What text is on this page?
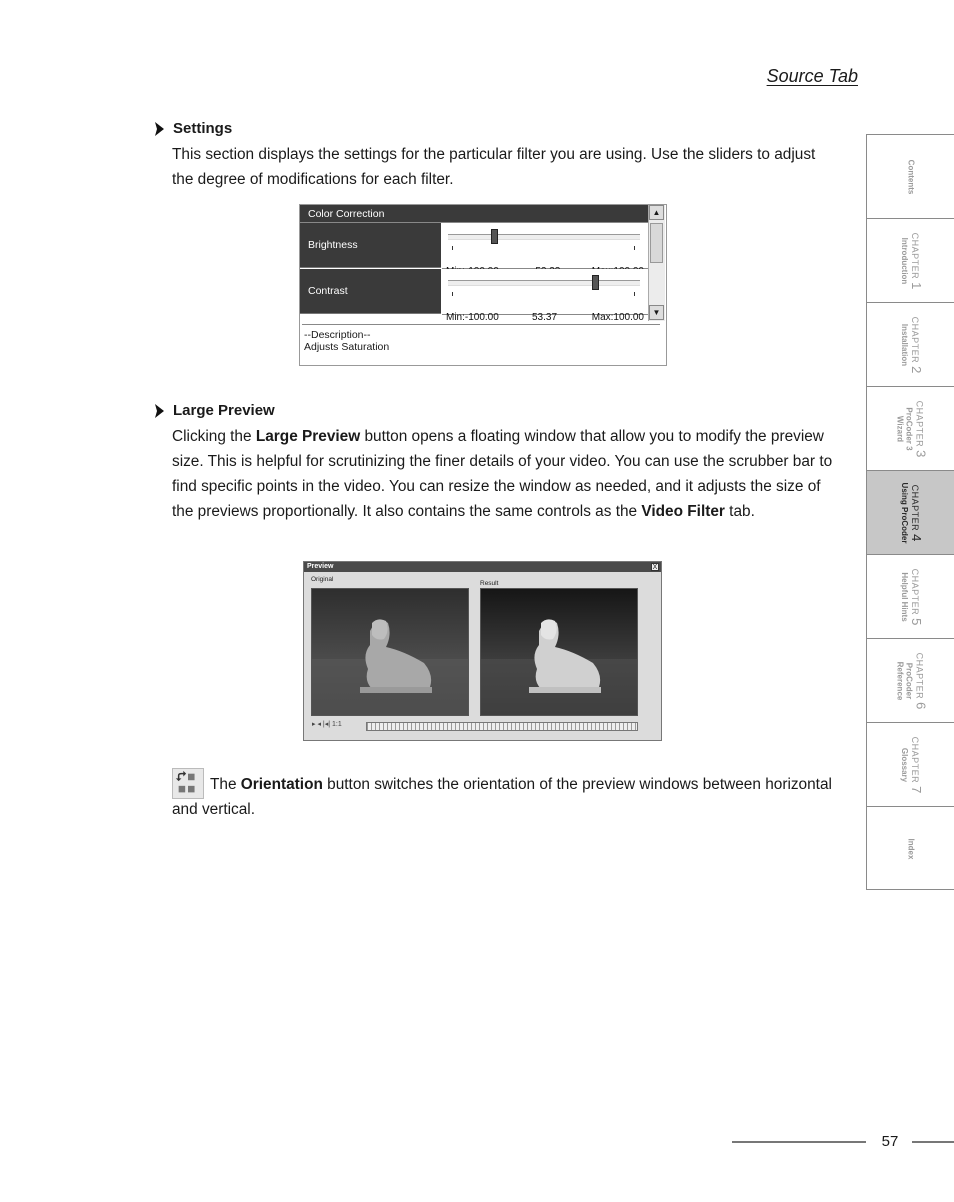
Source Tab
Settings
This section displays the settings for the particular filter you are using. Use the sliders to adjust the degree of modifications for each filter.
Color Correction
Brightness
Contrast
Min:-100.00	53.37	Max:100.00
▲
▼
--Description--
Adjusts Saturation
Large Preview
Clicking the Large Preview button opens a floating window that allow you to modify the preview size. This is helpful for scrutinizing the finer details of your video. You can use the scrubber bar to find specific points in the video. You can resize the window as needed, and it adjusts the size of the previews proportionally. It also contains the same controls as the Video Filter tab.
Preview	X
Original
Result
▸ ◂ |◂| 1:1
The Orientation button switches the orientation of the preview windows between horizontal and vertical.
Contents
CHAPTER 1
Introduction
CHAPTER 2
Installation
CHAPTER 3
ProCoder 3 Wizard
CHAPTER 4
Using ProCoder
CHAPTER 5
Helpful Hints
CHAPTER 6
ProCoder Reference
CHAPTER 7
Glossary
Index
57
